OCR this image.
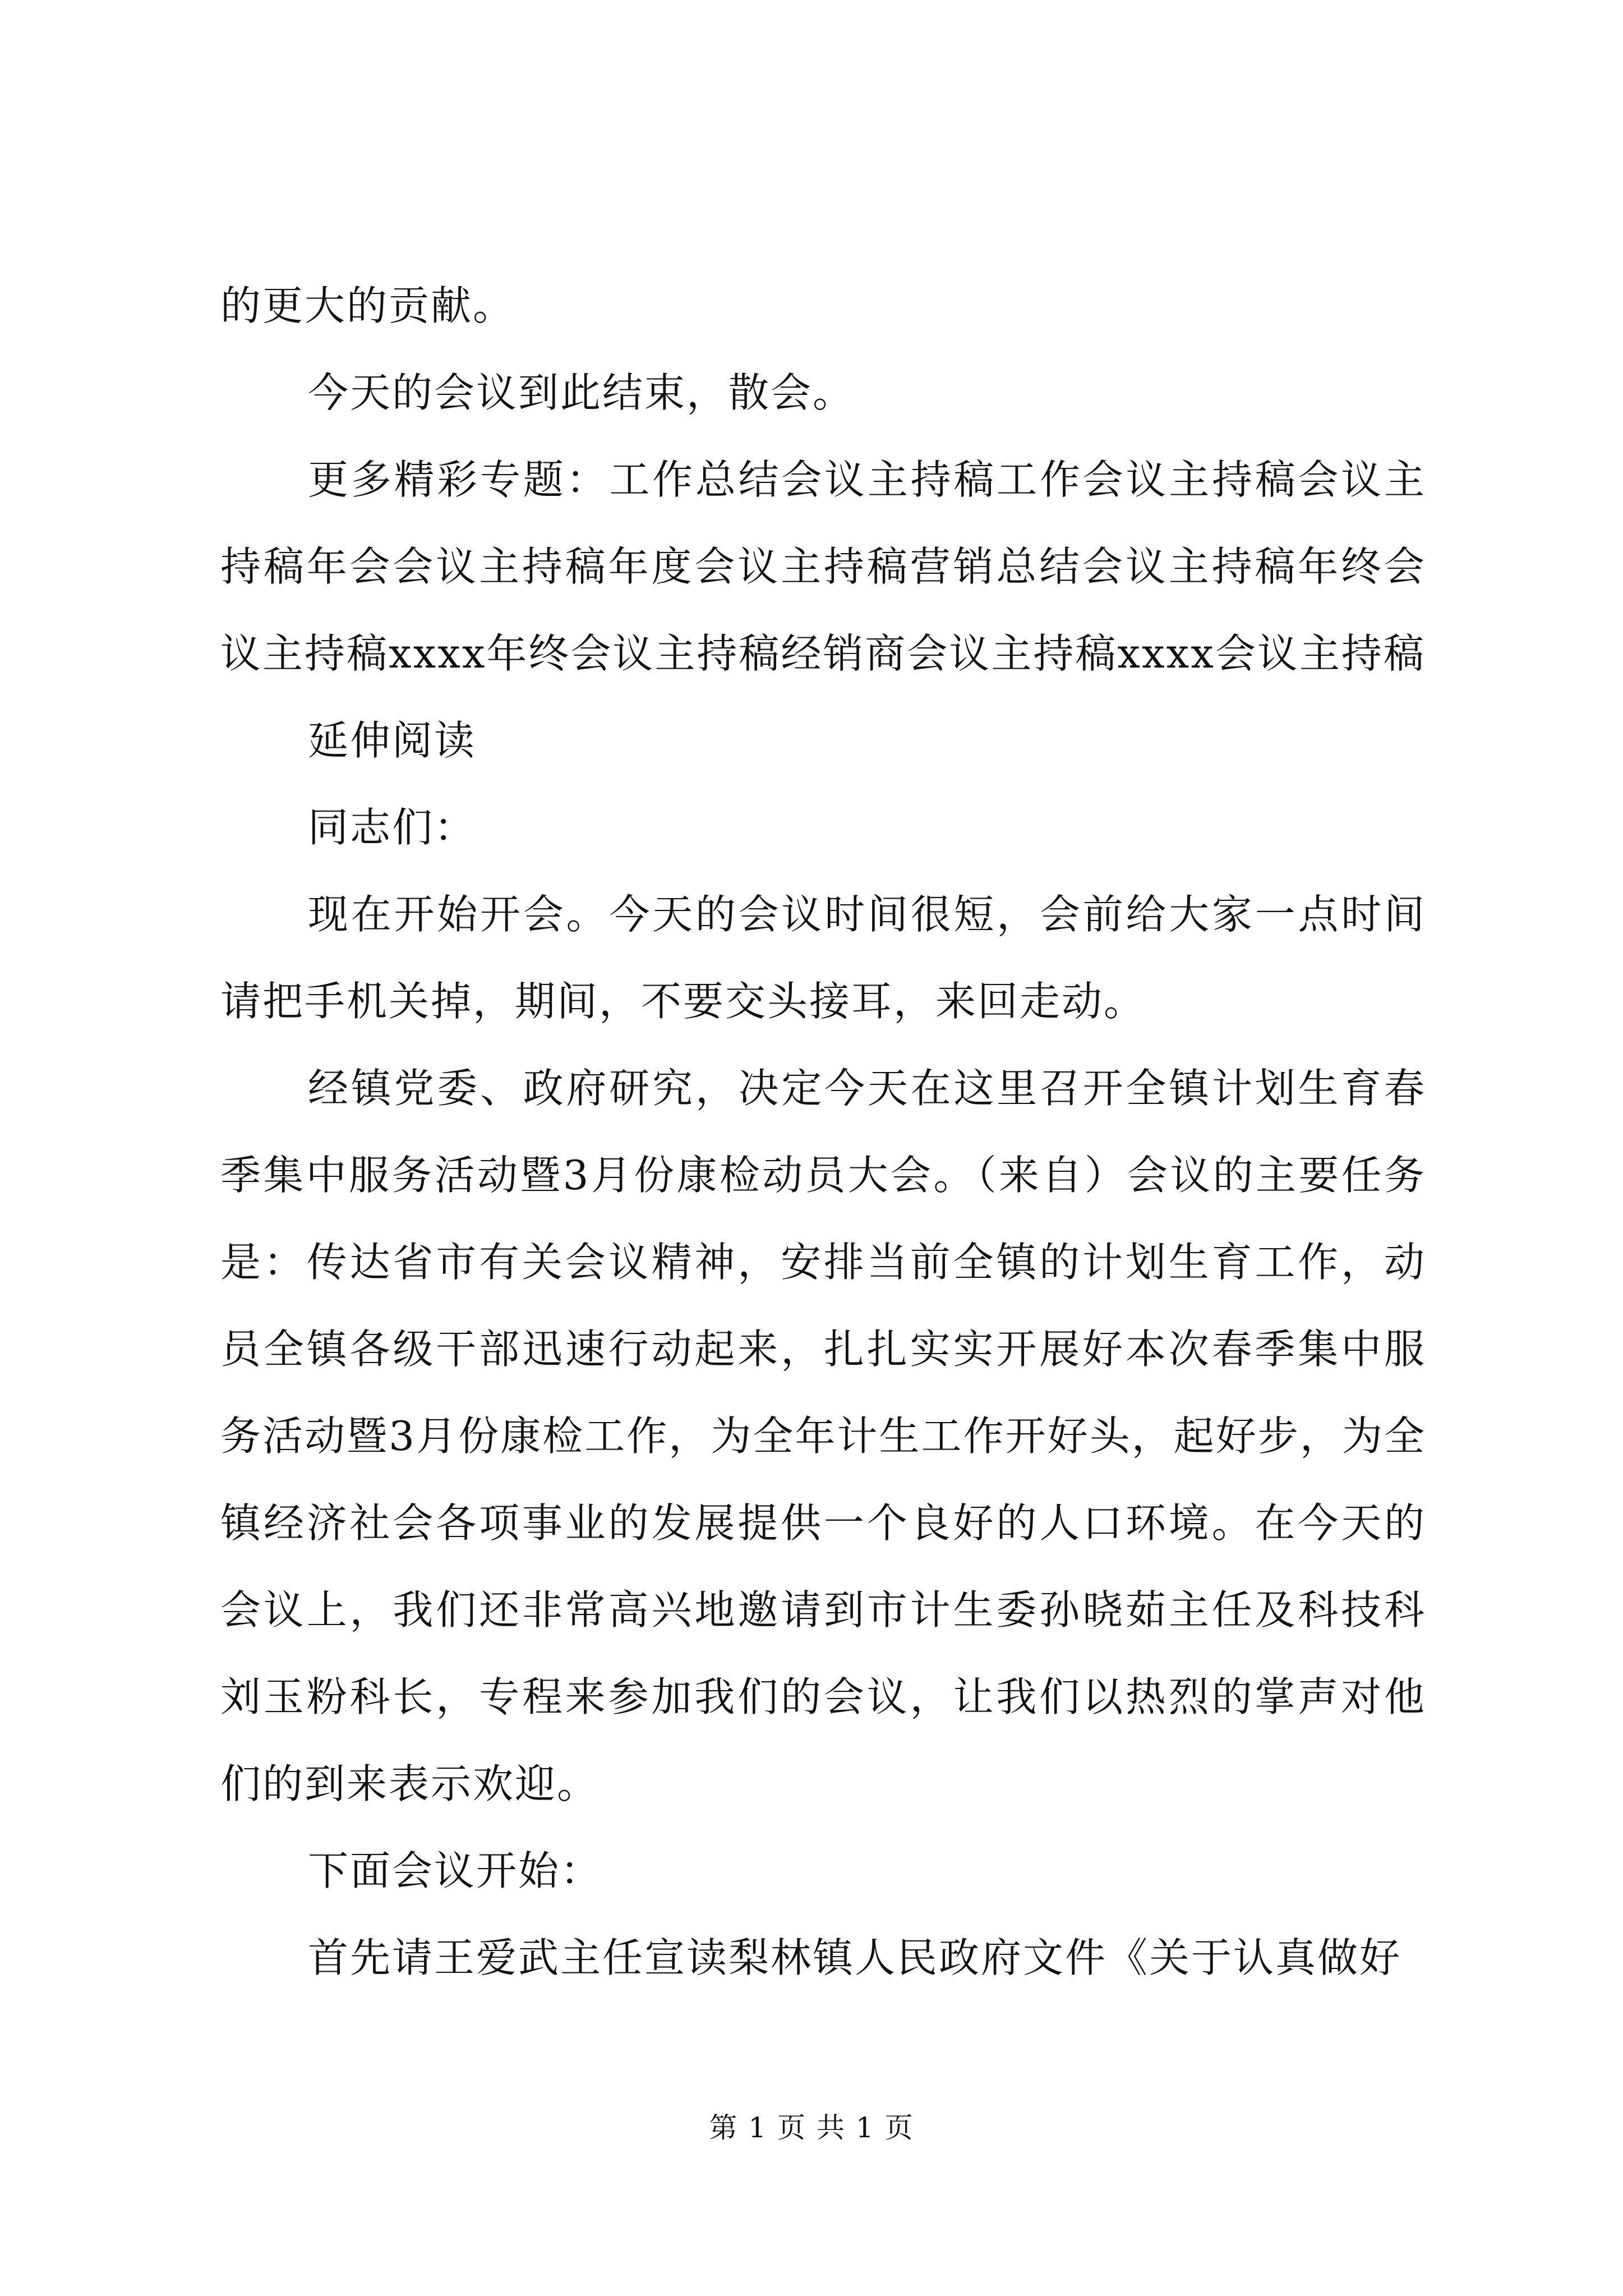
的更大的贡献。

今天的会议到此结束，散会。

更多精彩专题：工作总结会议主持稿工作会议主持稿会议主持稿年会会议主持稿年度会议主持稿营销总结会议主持稿年终会议主持稿xxxx年终会议主持稿经销商会议主持稿xxxx会议主持稿

延伸阅读

同志们：

现在开始开会。今天的会议时间很短，会前给大家一点时间请把手机关掉，期间，不要交头接耳，来回走动。

经镇党委、政府研究，决定今天在这里召开全镇计划生育春季集中服务活动暨3月份康检动员大会。（来自）会议的主要任务是：传达省市有关会议精神，安排当前全镇的计划生育工作，动员全镇各级干部迅速行动起来，扎扎实实开展好本次春季集中服务活动暨3月份康检工作，为全年计生工作开好头，起好步，为全镇经济社会各项事业的发展提供一个良好的人口环境。在今天的会议上，我们还非常高兴地邀请到市计生委孙晓茹主任及科技科刘玉粉科长，专程来参加我们的会议，让我们以热烈的掌声对他们的到来表示欢迎。

下面会议开始：

首先请王爱武主任宣读梨林镇人民政府文件《关于认真做好

第 1 页 共 1 页
